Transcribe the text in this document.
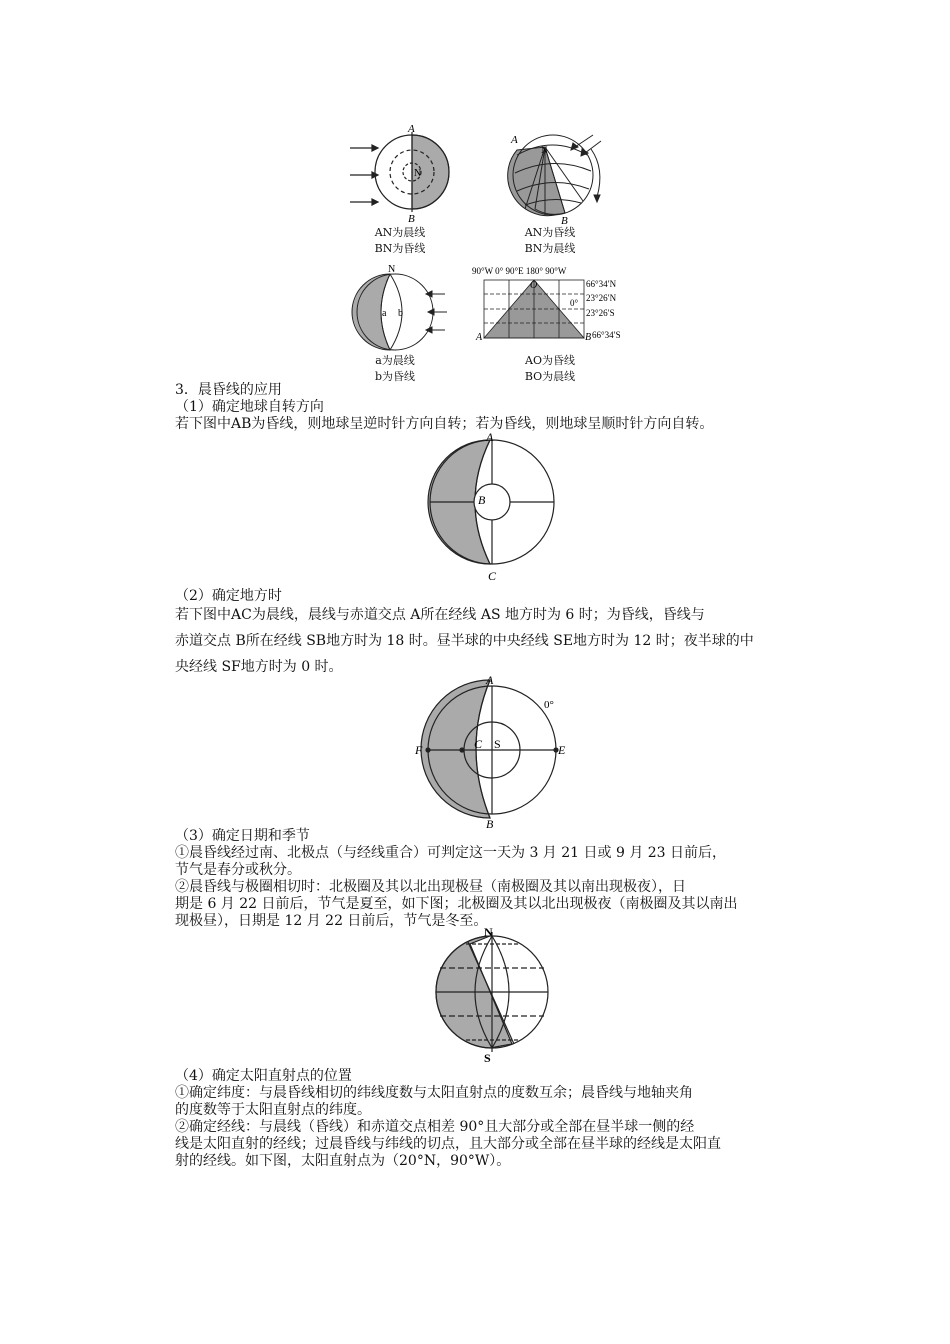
A
B
N
AN为晨线
BN为昏线
A
N
B
AN为昏线
BN为晨线
N
a b
a为晨线
b为昏线
90°W 0° 90°E 180° 90°W
66°34′N
23°26′N
23°26′S
66°34′S
O
A	B
0°
AO为昏线
BO为晨线
3．晨昏线的应用
（1）确定地球自转方向
若下图中AB为昏线，则地球呈逆时针方向自转；若为昏线，则地球呈顺时针方向自转。
A
B
C
（2）确定地方时
若下图中AC为晨线，晨线与赤道交点 A所在经线 AS 地方时为 6 时；为昏线，昏线与
赤道交点 B所在经线 SB地方时为 18 时。昼半球的中央经线 SE地方时为 12 时；夜半球的中
央经线 SF地方时为 0 时。
A
B
C S	E
F
0°
（3）确定日期和季节
①晨昏线经过南、北极点（与经线重合）可判定这一天为 3 月 21 日或 9 月 23 日前后，
节气是春分或秋分。
②晨昏线与极圈相切时：北极圈及其以北出现极昼（南极圈及其以南出现极夜），日
期是 6 月 22 日前后，节气是夏至，如下图；北极圈及其以北出现极夜（南极圈及其以南出
现极昼），日期是 12 月 22 日前后，节气是冬至。
N
S
（4）确定太阳直射点的位置
①确定纬度：与晨昏线相切的纬线度数与太阳直射点的度数互余；晨昏线与地轴夹角
的度数等于太阳直射点的纬度。
②确定经线：与晨线（昏线）和赤道交点相差 90°且大部分或全部在昼半球一侧的经
线是太阳直射的经线；过晨昏线与纬线的切点，且大部分或全部在昼半球的经线是太阳直
射的经线。如下图，太阳直射点为（20°N，90°W）。
